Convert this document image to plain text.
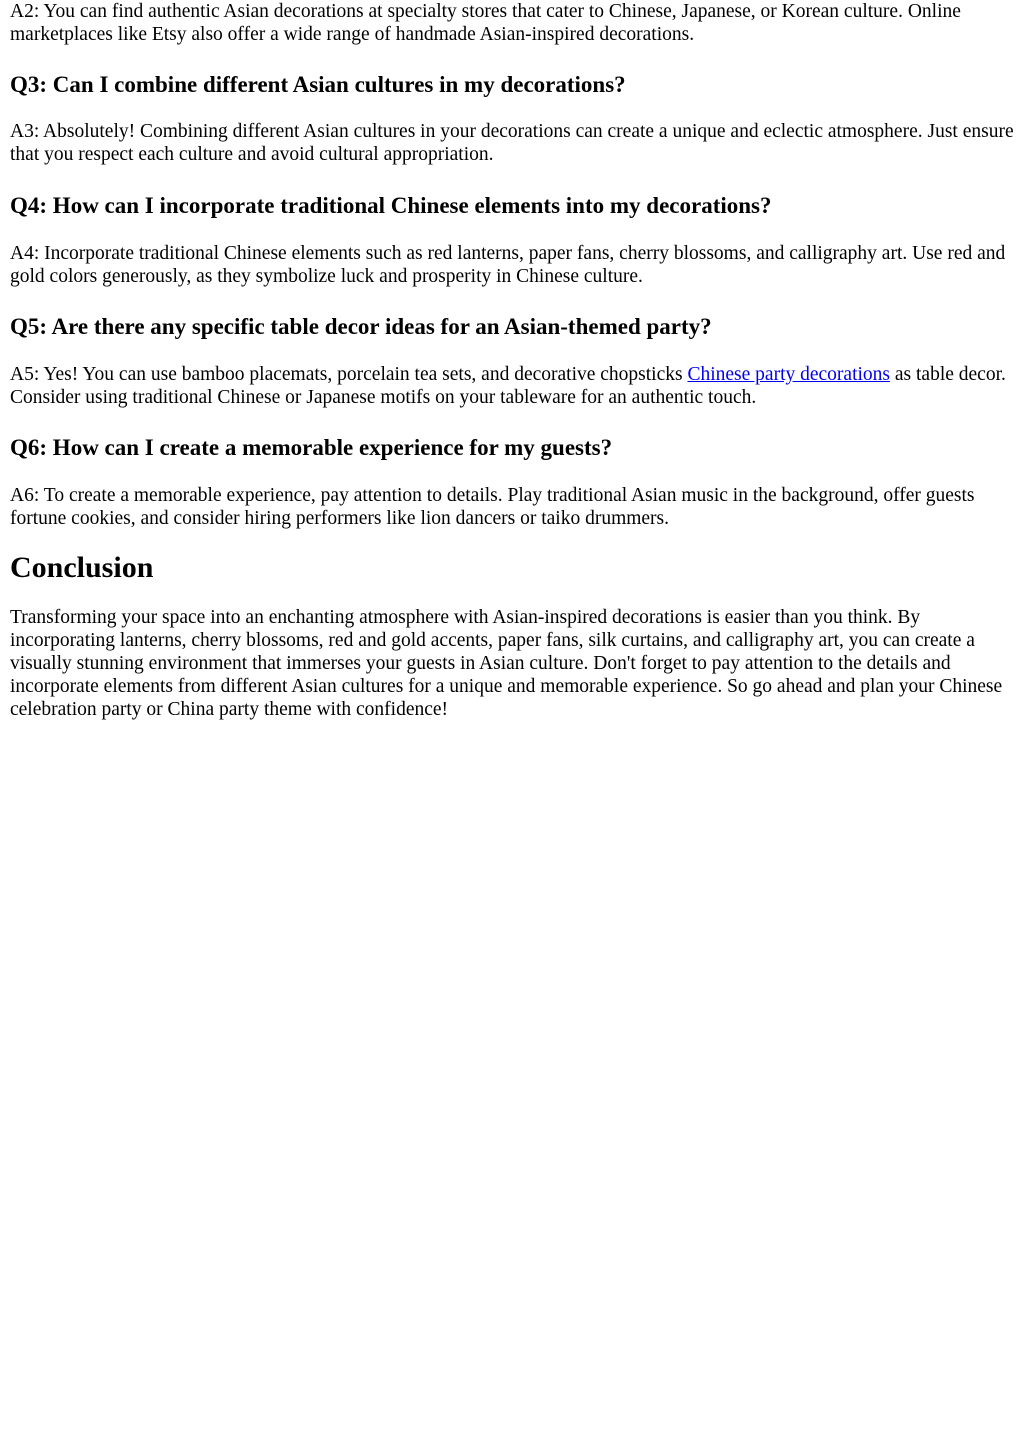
A2: You can find authentic Asian decorations at specialty stores that cater to Chinese, Japanese, or Korean culture. Online marketplaces like Etsy also offer a wide range of handmade Asian-inspired decorations.

Q3: Can I combine different Asian cultures in my decorations?

A3: Absolutely! Combining different Asian cultures in your decorations can create a unique and eclectic atmosphere. Just ensure that you respect each culture and avoid cultural appropriation.

Q4: How can I incorporate traditional Chinese elements into my decorations?

A4: Incorporate traditional Chinese elements such as red lanterns, paper fans, cherry blossoms, and calligraphy art. Use red and gold colors generously, as they symbolize luck and prosperity in Chinese culture.

Q5: Are there any specific table decor ideas for an Asian-themed party?

A5: Yes! You can use bamboo placemats, porcelain tea sets, and decorative chopsticks Chinese party decorations as table decor. Consider using traditional Chinese or Japanese motifs on your tableware for an authentic touch.

Q6: How can I create a memorable experience for my guests?

A6: To create a memorable experience, pay attention to details. Play traditional Asian music in the background, offer guests fortune cookies, and consider hiring performers like lion dancers or taiko drummers.

Conclusion

Transforming your space into an enchanting atmosphere with Asian-inspired decorations is easier than you think. By incorporating lanterns, cherry blossoms, red and gold accents, paper fans, silk curtains, and calligraphy art, you can create a visually stunning environment that immerses your guests in Asian culture. Don't forget to pay attention to the details and incorporate elements from different Asian cultures for a unique and memorable experience. So go ahead and plan your Chinese celebration party or China party theme with confidence!
